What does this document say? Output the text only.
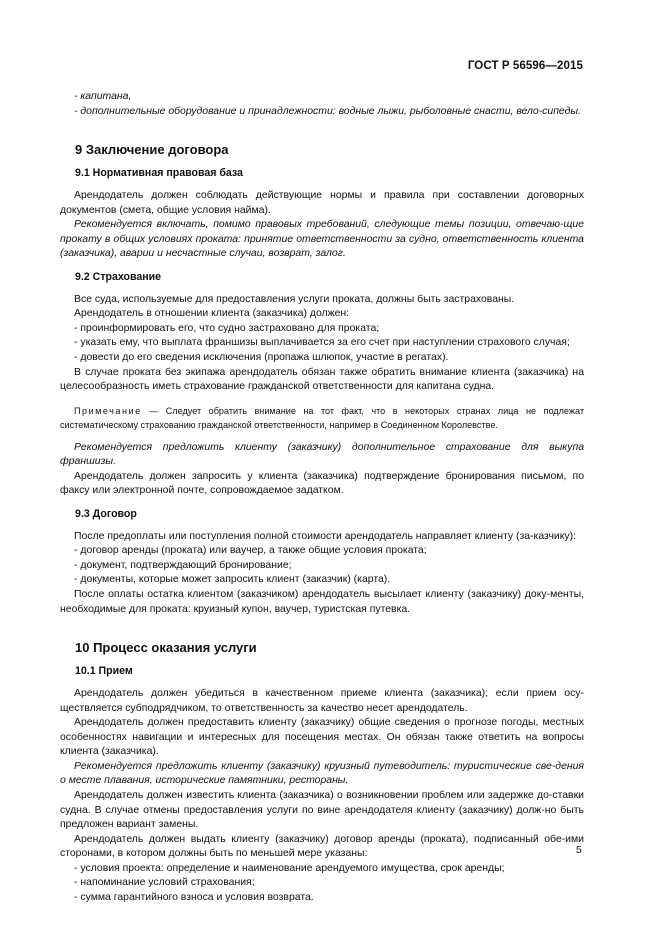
ГОСТ Р 56596—2015

- капитана,

- дополнительные оборудование и принадлежности: водные лыжи, рыболовные снасти, вело-сипеды.

9 Заключение договора
9.1 Нормативная правовая база

Арендодатель должен соблюдать действующие нормы и правила при составлении договорных документов (смета, общие условия найма).

Рекомендуется включать, помимо правовых требований, следующие темы позиции, отвечаю-щие прокату в общих условиях проката: принятие ответственности за судно, ответственность клиента (заказчика), аварии и несчастные случаи, возврат, залог.

9.2 Страхование

Все суда, используемые для предоставления услуги проката, должны быть застрахованы.

Арендодатель в отношении клиента (заказчика) должен:

- проинформировать его, что судно застраховано для проката;

- указать ему, что выплата франшизы выплачивается за его счет при наступлении страхового случая;

- довести до его сведения исключения (пропажа шлюпок, участие в регатах).

В случае проката без экипажа арендодатель обязан также обратить внимание клиента (заказчика) на целесообразность иметь страхование гражданской ответственности для капитана судна.

Примечание — Следует обратить внимание на тот факт, что в некоторых странах лица не подлежат систематическому страхованию гражданской ответственности, например в Соединенном Королевстве.

Рекомендуется предложить клиенту (заказчику) дополнительное страхование для выкупа франшизы.

Арендодатель должен запросить у клиента (заказчика) подтверждение бронирования письмом, по факсу или электронной почте, сопровождаемое задатком.

9.3 Договор

После предоплаты или поступления полной стоимости арендодатель направляет клиенту (за-казчику):

- договор аренды (проката) или ваучер, а также общие условия проката;

- документ, подтверждающий бронирование;

- документы, которые может запросить клиент (заказчик) (карта).

После оплаты остатка клиентом (заказчиком) арендодатель высылает клиенту (заказчику) доку-менты, необходимые для проката: круизный купон, ваучер, туристская путевка.

10 Процесс оказания услуги
10.1 Прием

Арендодатель должен убедиться в качественном приеме клиента (заказчика); если прием осу-ществляется субподрядчиком, то ответственность за качество несет арендодатель.

Арендодатель должен предоставить клиенту (заказчику) общие сведения о прогнозе погоды, местных особенностях навигации и интересных для посещения местах. Он обязан также ответить на вопросы клиента (заказчика).

Рекомендуется предложить клиенту (заказчику) круизный путеводитель: туристические све-дения о месте плавания, исторические памятники, рестораны.

Арендодатель должен известить клиента (заказчика) о возникновении проблем или задержке до-ставки судна. В случае отмены предоставления услуги по вине арендодателя клиенту (заказчику) долж-но быть предложен вариант замены.

Арендодатель должен выдать клиенту (заказчику) договор аренды (проката), подписанный обе-ими сторонами, в котором должны быть по меньшей мере указаны:

- условия проекта: определение и наименование арендуемого имущества, срок аренды;

- напоминание условий страхования;

- сумма гарантийного взноса и условия возврата.

5
